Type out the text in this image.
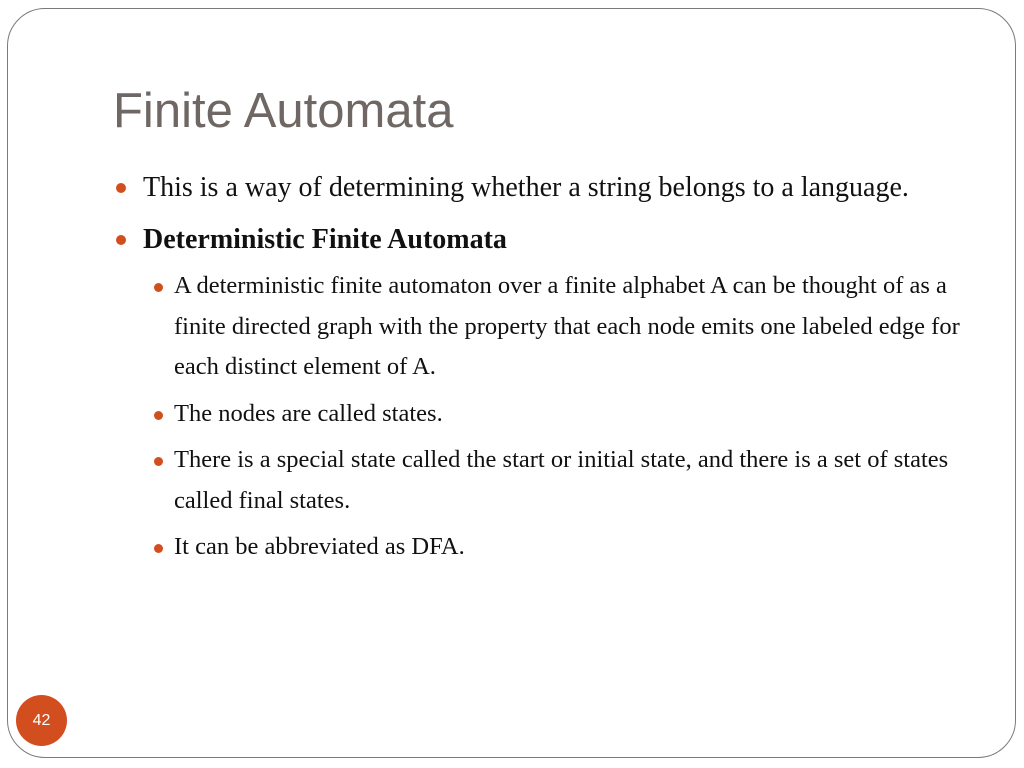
Finite Automata
This is a way of determining whether a string belongs to a language.
Deterministic Finite Automata
A deterministic finite automaton over a finite alphabet A can be thought of as a finite directed graph with the property that each node emits one labeled edge for each distinct element of A.
The nodes are called states.
There is a special state called the start or initial state, and there is a set of states called final states.
It can be abbreviated as DFA.
42
